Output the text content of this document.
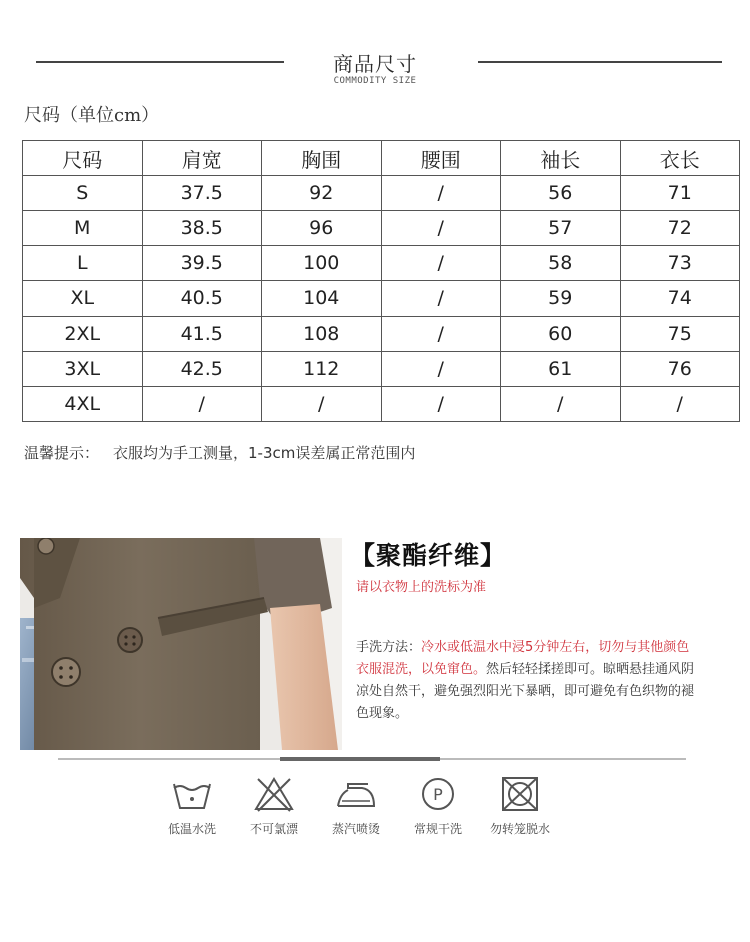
商品尺寸
COMMODITY SIZE
尺码（单位cm）
尺码	肩宽	胸围	腰围	袖长	衣长
S	37.5	92	/	56	71
M	38.5	96	/	57	72
L	39.5	100	/	58	73
XL	40.5	104	/	59	74
2XL	41.5	108	/	60	75
3XL	42.5	112	/	61	76
4XL	/	/	/	/	/
温馨提示： 衣服均为手工测量，1-3cm误差属正常范围内
【聚酯纤维】
请以衣物上的洗标为准
手洗方法：冷水或低温水中浸5分钟左右，切勿与其他颜色衣服混洗，以免窜色。然后轻轻揉搓即可。晾晒悬挂通风阴凉处自然干，避免强烈阳光下暴晒，即可避免有色织物的褪色现象。
低温水洗	不可氯漂	蒸汽喷烫
P
常规干洗	勿转笼脱水
